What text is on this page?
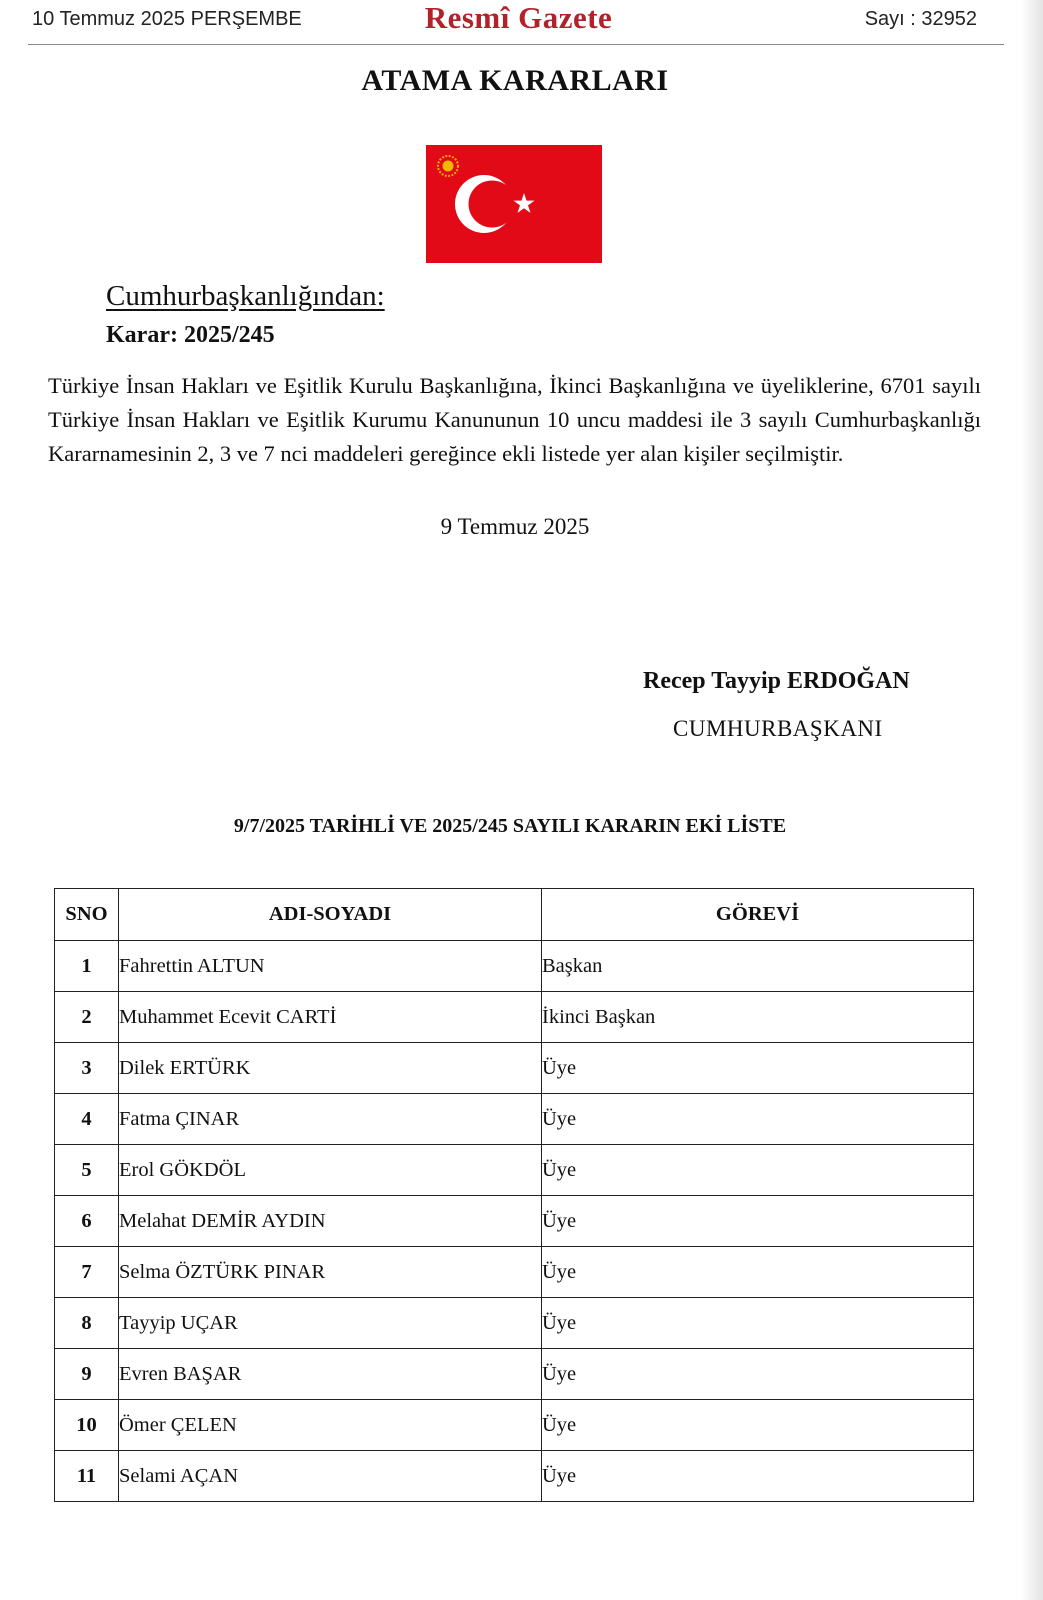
10 Temmuz 2025 PERŞEMBE	Resmî Gazete	Sayı : 32952
ATAMA KARARLARI
Cumhurbaşkanlığından:
Karar: 2025/245
Türkiye İnsan Hakları ve Eşitlik Kurulu Başkanlığına, İkinci Başkanlığına ve üyeliklerine, 6701 sayılı Türkiye İnsan Hakları ve Eşitlik Kurumu Kanununun 10 uncu maddesi ile 3 sayılı Cumhurbaşkanlığı Kararnamesinin 2, 3 ve 7 nci maddeleri gereğince ekli listede yer alan kişiler seçilmiştir.
9 Temmuz 2025
Recep Tayyip ERDOĞAN
CUMHURBAŞKANI
9/7/2025 TARİHLİ VE 2025/245 SAYILI KARARIN EKİ LİSTE
SNO	ADI-SOYADI	GÖREVİ
1	Fahrettin ALTUN	Başkan
2	Muhammet Ecevit CARTİ	İkinci Başkan
3	Dilek ERTÜRK	Üye
4	Fatma ÇINAR	Üye
5	Erol GÖKDÖL	Üye
6	Melahat DEMİR AYDIN	Üye
7	Selma ÖZTÜRK PINAR	Üye
8	Tayyip UÇAR	Üye
9	Evren BAŞAR	Üye
10	Ömer ÇELEN	Üye
11	Selami AÇAN	Üye
